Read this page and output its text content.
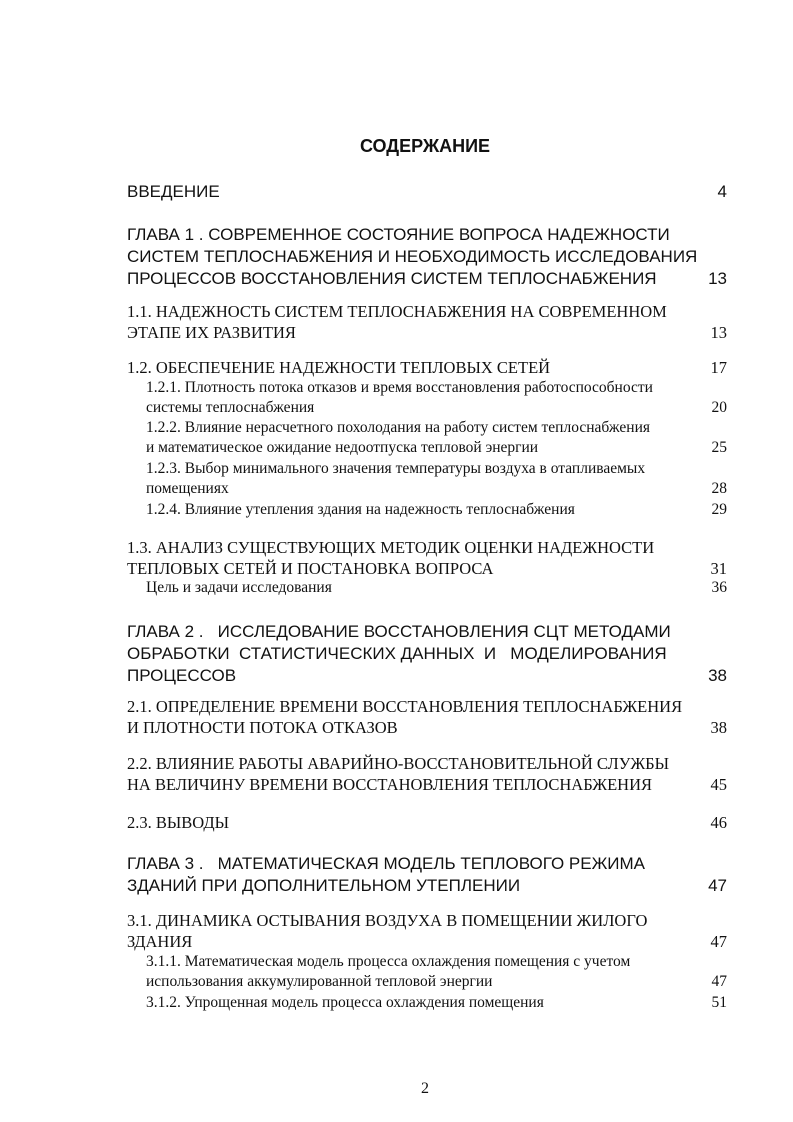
СОДЕРЖАНИЕ
ВВЕДЕНИЕ	4
ГЛАВА 1 . СОВРЕМЕННОЕ СОСТОЯНИЕ ВОПРОСА НАДЕЖНОСТИ
СИСТЕМ ТЕПЛОСНАБЖЕНИЯ И НЕОБХОДИМОСТЬ ИССЛЕДОВАНИЯ
ПРОЦЕССОВ ВОССТАНОВЛЕНИЯ СИСТЕМ ТЕПЛОСНАБЖЕНИЯ	13
1.1. НАДЕЖНОСТЬ СИСТЕМ ТЕПЛОСНАБЖЕНИЯ НА СОВРЕМЕННОМ
ЭТАПЕ ИХ РАЗВИТИЯ	13
1.2. ОБЕСПЕЧЕНИЕ НАДЕЖНОСТИ ТЕПЛОВЫХ СЕТЕЙ	17
1.2.1. Плотность потока отказов и время восстановления работоспособности
системы теплоснабжения	20
1.2.2. Влияние нерасчетного похолодания на работу систем теплоснабжения
и математическое ожидание недоотпуска тепловой энергии	25
1.2.3. Выбор минимального значения температуры воздуха в отапливаемых
помещениях	28
1.2.4. Влияние утепления здания на надежность теплоснабжения	29
1.3. АНАЛИЗ СУЩЕСТВУЮЩИХ МЕТОДИК ОЦЕНКИ НАДЕЖНОСТИ
ТЕПЛОВЫХ СЕТЕЙ И ПОСТАНОВКА ВОПРОСА	31
Цель и задачи исследования	36
ГЛАВА 2 .   ИССЛЕДОВАНИЕ ВОССТАНОВЛЕНИЯ СЦТ МЕТОДАМИ
ОБРАБОТКИ  СТАТИСТИЧЕСКИХ ДАННЫХ  И   МОДЕЛИРОВАНИЯ
ПРОЦЕССОВ	38
2.1. ОПРЕДЕЛЕНИЕ ВРЕМЕНИ ВОССТАНОВЛЕНИЯ ТЕПЛОСНАБЖЕНИЯ
И ПЛОТНОСТИ ПОТОКА ОТКАЗОВ	38
2.2. ВЛИЯНИЕ РАБОТЫ АВАРИЙНО-ВОССТАНОВИТЕЛЬНОЙ СЛУЖБЫ
НА ВЕЛИЧИНУ ВРЕМЕНИ ВОССТАНОВЛЕНИЯ ТЕПЛОСНАБЖЕНИЯ	45
2.3. ВЫВОДЫ	46
ГЛАВА 3 .   МАТЕМАТИЧЕСКАЯ МОДЕЛЬ ТЕПЛОВОГО РЕЖИМА
ЗДАНИЙ ПРИ ДОПОЛНИТЕЛЬНОМ УТЕПЛЕНИИ	47
3.1. ДИНАМИКА ОСТЫВАНИЯ ВОЗДУХА В ПОМЕЩЕНИИ ЖИЛОГО
ЗДАНИЯ	47
3.1.1. Математическая модель процесса охлаждения помещения с учетом
использования аккумулированной тепловой энергии	47
3.1.2. Упрощенная модель процесса охлаждения помещения	51
2
